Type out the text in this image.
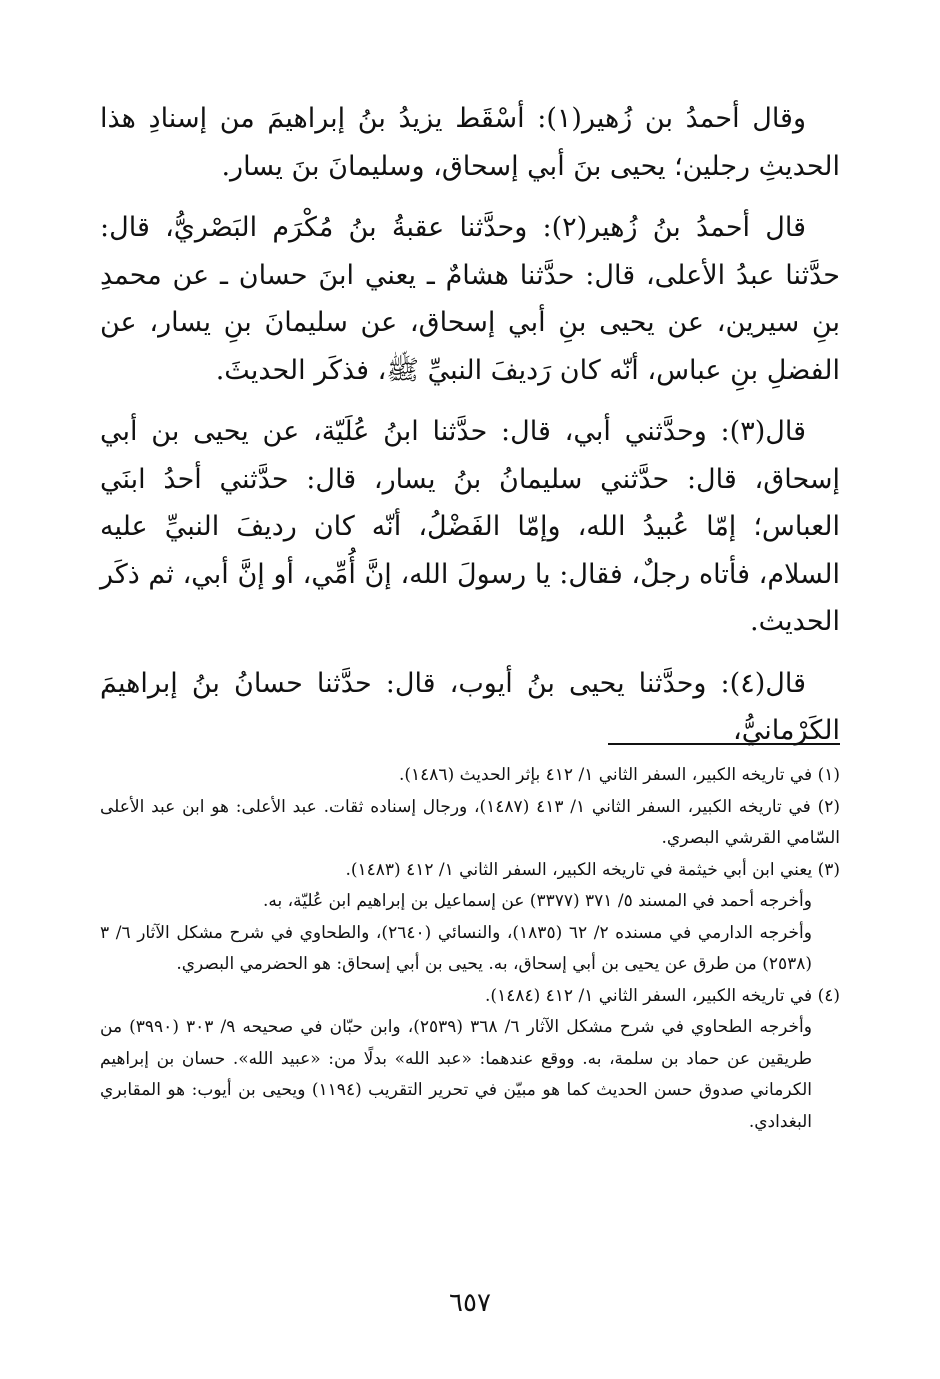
وقال أحمدُ بن زُهير(١): أسْقَط يزيدُ بنُ إبراهيمَ من إسنادِ هذا الحديثِ رجلين؛ يحيى بنَ أبي إسحاق، وسليمانَ بنَ يسار.

قال أحمدُ بنُ زُهير(٢): وحدَّثنا عقبةُ بنُ مُكْرَم البَصْريُّ، قال: حدَّثنا عبدُ الأعلى، قال: حدَّثنا هشامٌ ـ يعني ابنَ حسان ـ عن محمدِ بنِ سيرين، عن يحيى بنِ أبي إسحاق، عن سليمانَ بنِ يسار، عن الفضلِ بنِ عباس، أنّه كان رَديفَ النبيِّ ﷺ، فذكَر الحديثَ.

قال(٣): وحدَّثني أبي، قال: حدَّثنا ابنُ عُلَيّة، عن يحيى بن أبي إسحاق، قال: حدَّثني سليمانُ بنُ يسار، قال: حدَّثني أحدُ ابنَي العباس؛ إمّا عُبيدُ الله، وإمّا الفَضْلُ، أنّه كان رديفَ النبيِّ عليه السلام، فأتاه رجلٌ، فقال: يا رسولَ الله، إنَّ أُمِّي، أو إنَّ أبي، ثم ذكَر الحديث.

قال(٤): وحدَّثنا يحيى بنُ أيوب، قال: حدَّثنا حسانُ بنُ إبراهيمَ الكَرْمانيُّ،

(١) في تاريخه الكبير، السفر الثاني ١/ ٤١٢ بإثر الحديث (١٤٨٦).

(٢) في تاريخه الكبير، السفر الثاني ١/ ٤١٣ (١٤٨٧)، ورجال إسناده ثقات. عبد الأعلى: هو ابن عبد الأعلى السّامي القرشي البصري.

(٣) يعني ابن أبي خيثمة في تاريخه الكبير، السفر الثاني ١/ ٤١٢ (١٤٨٣).

وأخرجه أحمد في المسند ٥/ ٣٧١ (٣٣٧٧) عن إسماعيل بن إبراهيم ابن عُليّة، به.

وأخرجه الدارمي في مسنده ٢/ ٦٢ (١٨٣٥)، والنسائي (٢٦٤٠)، والطحاوي في شرح مشكل الآثار ٦/ ٣ (٢٥٣٨) من طرق عن يحيى بن أبي إسحاق، به. يحيى بن أبي إسحاق: هو الحضرمي البصري.

(٤) في تاريخه الكبير، السفر الثاني ١/ ٤١٢ (١٤٨٤).

وأخرجه الطحاوي في شرح مشكل الآثار ٦/ ٣٦٨ (٢٥٣٩)، وابن حبّان في صحيحه ٩/ ٣٠٣ (٣٩٩٠) من طريقين عن حماد بن سلمة، به. ووقع عندهما: «عبد الله» بدلًا من: «عبيد الله». حسان بن إبراهيم الكرماني صدوق حسن الحديث كما هو مبيّن في تحرير التقريب (١١٩٤) ويحيى بن أيوب: هو المقابري البغدادي.

٦٥٧
